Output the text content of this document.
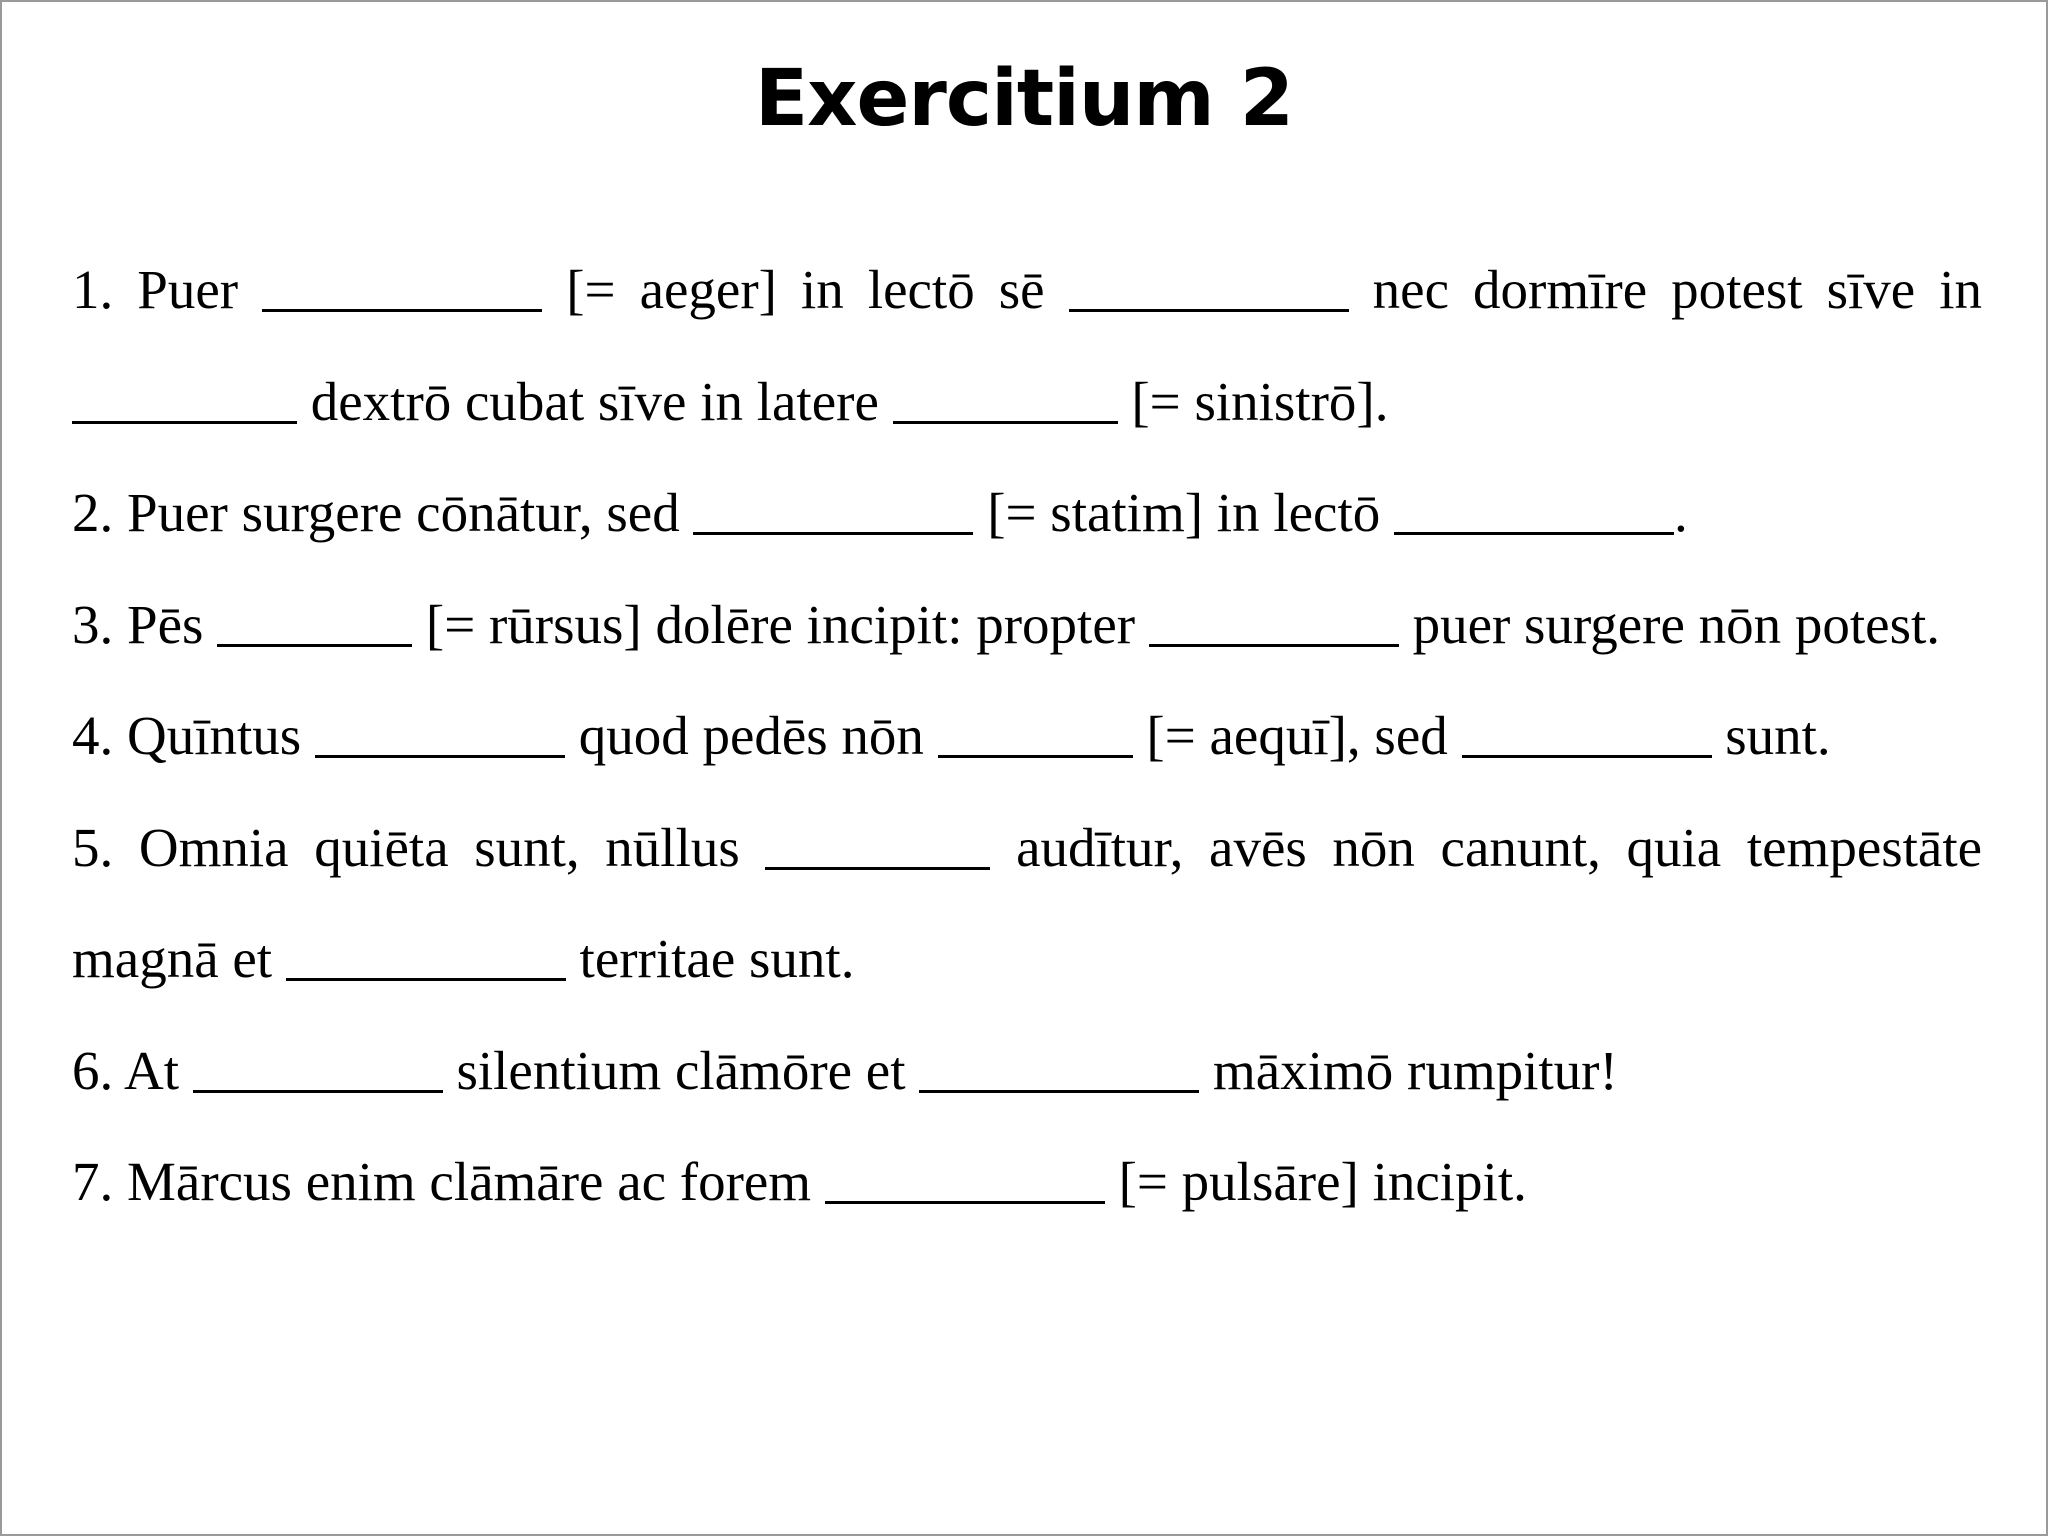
Exercitium 2
1. Puer	[= aeger] in lectō sē	nec dormīre potest sīve in  dextrō cubat sīve in latere	[= sinistrō].
2. Puer surgere cōnātur, sed	[= statim] in lectō	.
3. Pēs	[= rūrsus] dolēre incipit: propter	puer surgere nōn potest.
4. Quīntus	quod pedēs nōn	[= aequī], sed	sunt.
5. Omnia quiēta sunt, nūllus	audītur, avēs nōn canunt, quia tempestāte magnā et	territae sunt.
6. At	silentium clāmōre et	māximō rumpitur!
7. Mārcus enim clāmāre ac forem	[= pulsāre] incipit.
